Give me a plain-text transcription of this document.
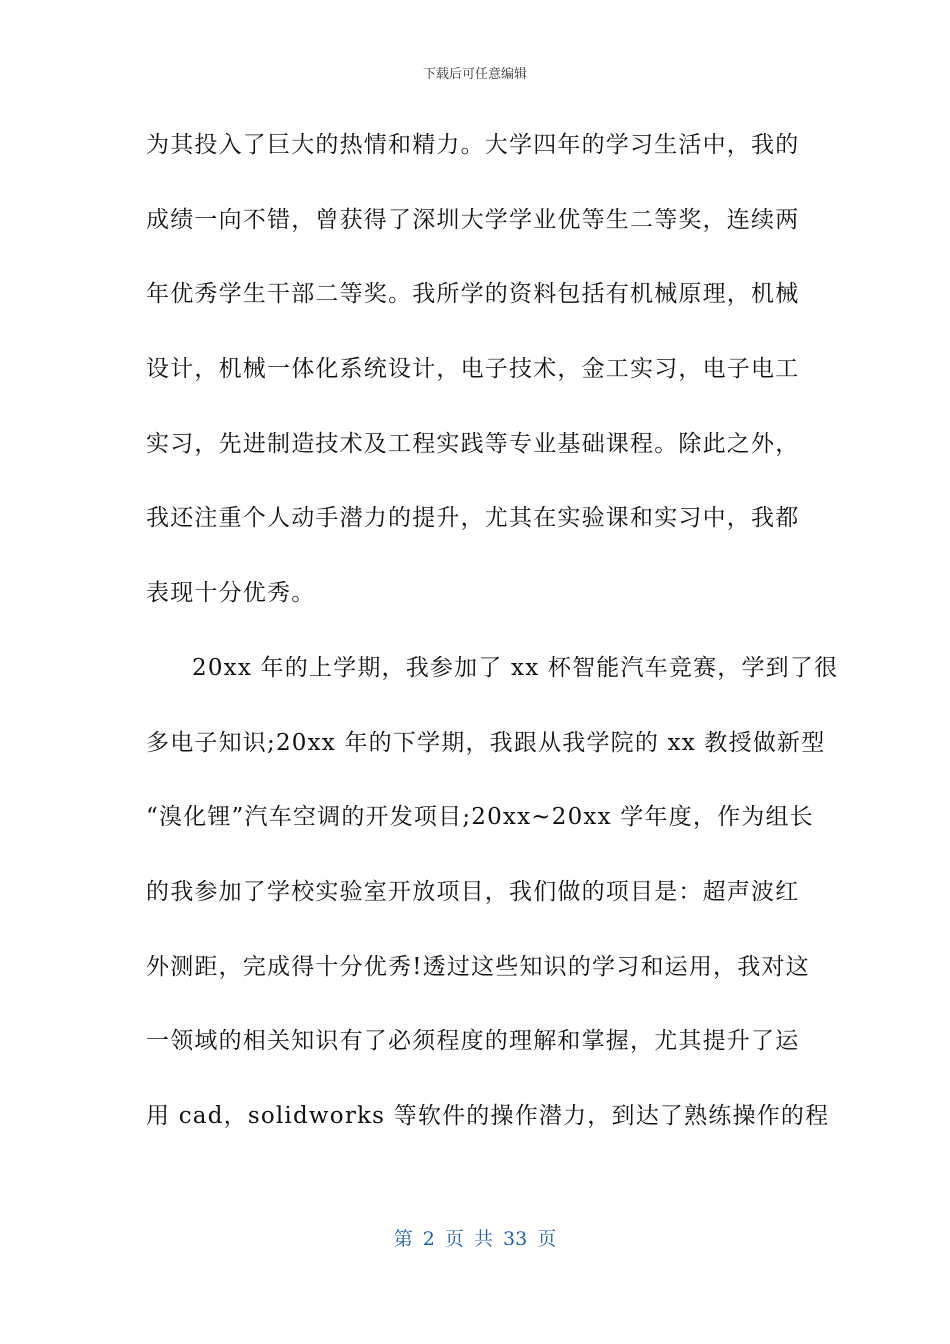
下载后可任意编辑
为其投入了巨大的热情和精力。大学四年的学习生活中，我的
成绩一向不错，曾获得了深圳大学学业优等生二等奖，连续两
年优秀学生干部二等奖。我所学的资料包括有机械原理，机械
设计，机械一体化系统设计，电子技术，金工实习，电子电工
实习，先进制造技术及工程实践等专业基础课程。除此之外，
我还注重个人动手潜力的提升，尤其在实验课和实习中，我都
表现十分优秀。
20xx 年的上学期，我参加了 xx 杯智能汽车竞赛，学到了很
多电子知识;20xx 年的下学期，我跟从我学院的 xx 教授做新型
“溴化锂”汽车空调的开发项目;20xx~20xx 学年度，作为组长
的我参加了学校实验室开放项目，我们做的项目是：超声波红
外测距，完成得十分优秀!透过这些知识的学习和运用，我对这
一领域的相关知识有了必须程度的理解和掌握，尤其提升了运
用 cad，solidworks 等软件的操作潜力，到达了熟练操作的程
第 2 页 共 33 页
